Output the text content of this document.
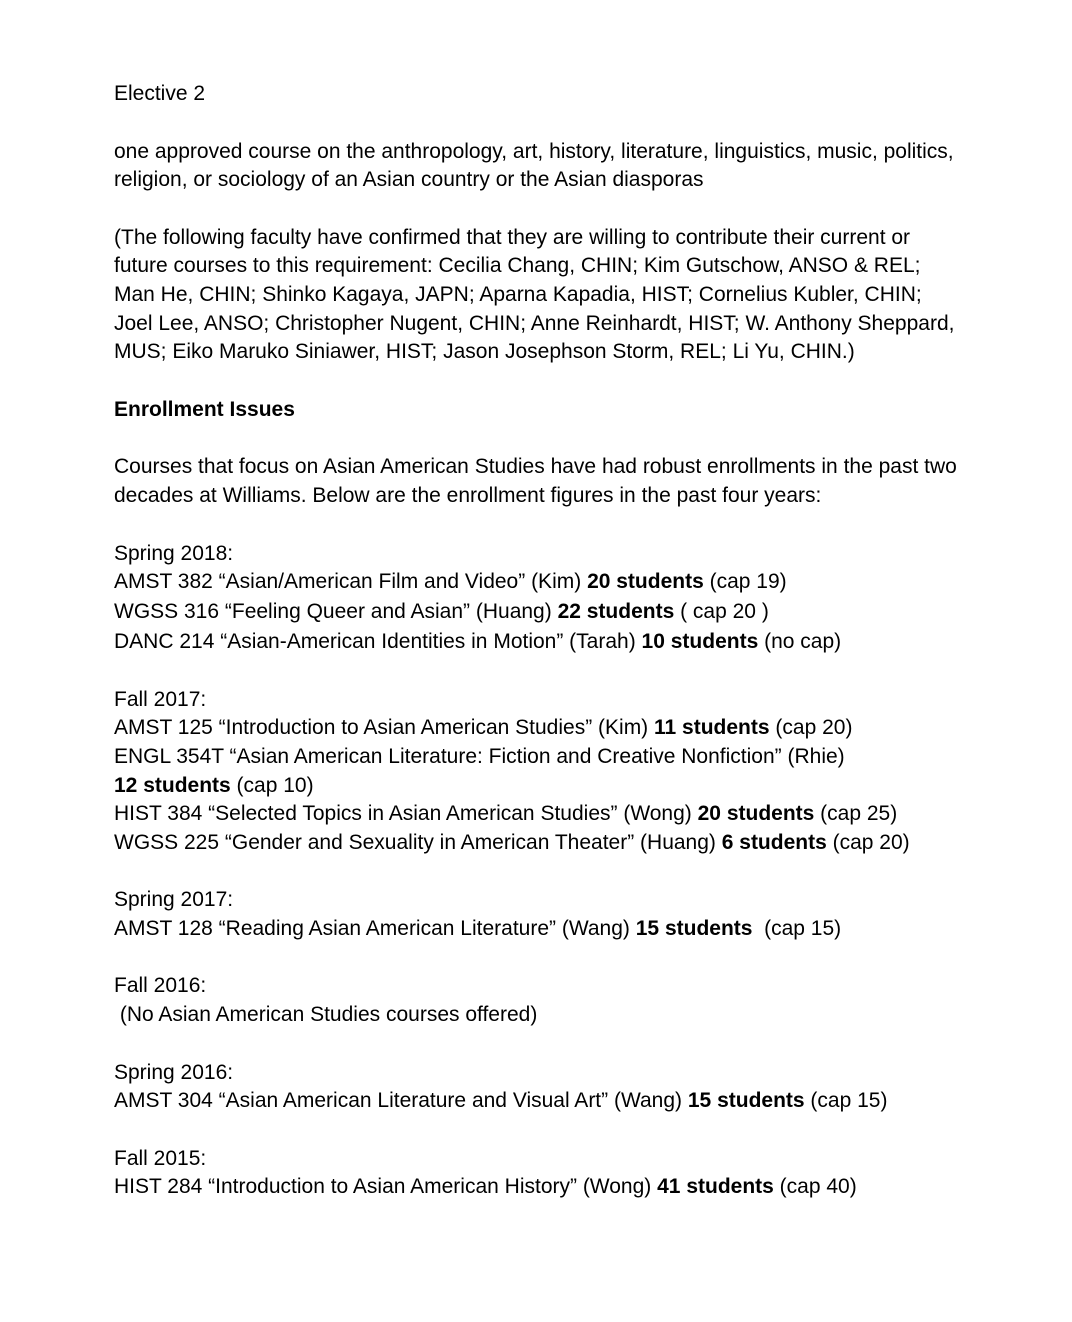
Elective 2

one approved course on the anthropology, art, history, literature, linguistics, music, politics, religion, or sociology of an Asian country or the Asian diasporas

(The following faculty have confirmed that they are willing to contribute their current or future courses to this requirement: Cecilia Chang, CHIN; Kim Gutschow, ANSO & REL; Man He, CHIN; Shinko Kagaya, JAPN; Aparna Kapadia, HIST; Cornelius Kubler, CHIN; Joel Lee, ANSO; Christopher Nugent, CHIN; Anne Reinhardt, HIST; W. Anthony Sheppard, MUS; Eiko Maruko Siniawer, HIST; Jason Josephson Storm, REL; Li Yu, CHIN.)

Enrollment Issues

Courses that focus on Asian American Studies have had robust enrollments in the past two decades at Williams. Below are the enrollment figures in the past four years:

Spring 2018:

AMST 382 “Asian/American Film and Video” (Kim) 20 students (cap 19)

WGSS 316 “Feeling Queer and Asian” (Huang) 22 students ( cap 20 )

DANC 214 “Asian-American Identities in Motion” (Tarah) 10 students (no cap)

Fall 2017:

AMST 125 “Introduction to Asian American Studies” (Kim) 11 students (cap 20)

ENGL 354T “Asian American Literature: Fiction and Creative Nonfiction” (Rhie)
12 students (cap 10)

HIST 384 “Selected Topics in Asian American Studies” (Wong) 20 students (cap 25)

WGSS 225 “Gender and Sexuality in American Theater” (Huang) 6 students (cap 20)

Spring 2017:

AMST 128 “Reading Asian American Literature” (Wang) 15 students  (cap 15)

Fall 2016:

(No Asian American Studies courses offered)

Spring 2016:

AMST 304 “Asian American Literature and Visual Art” (Wang) 15 students (cap 15)

Fall 2015:

HIST 284 “Introduction to Asian American History” (Wong) 41 students (cap 40)
